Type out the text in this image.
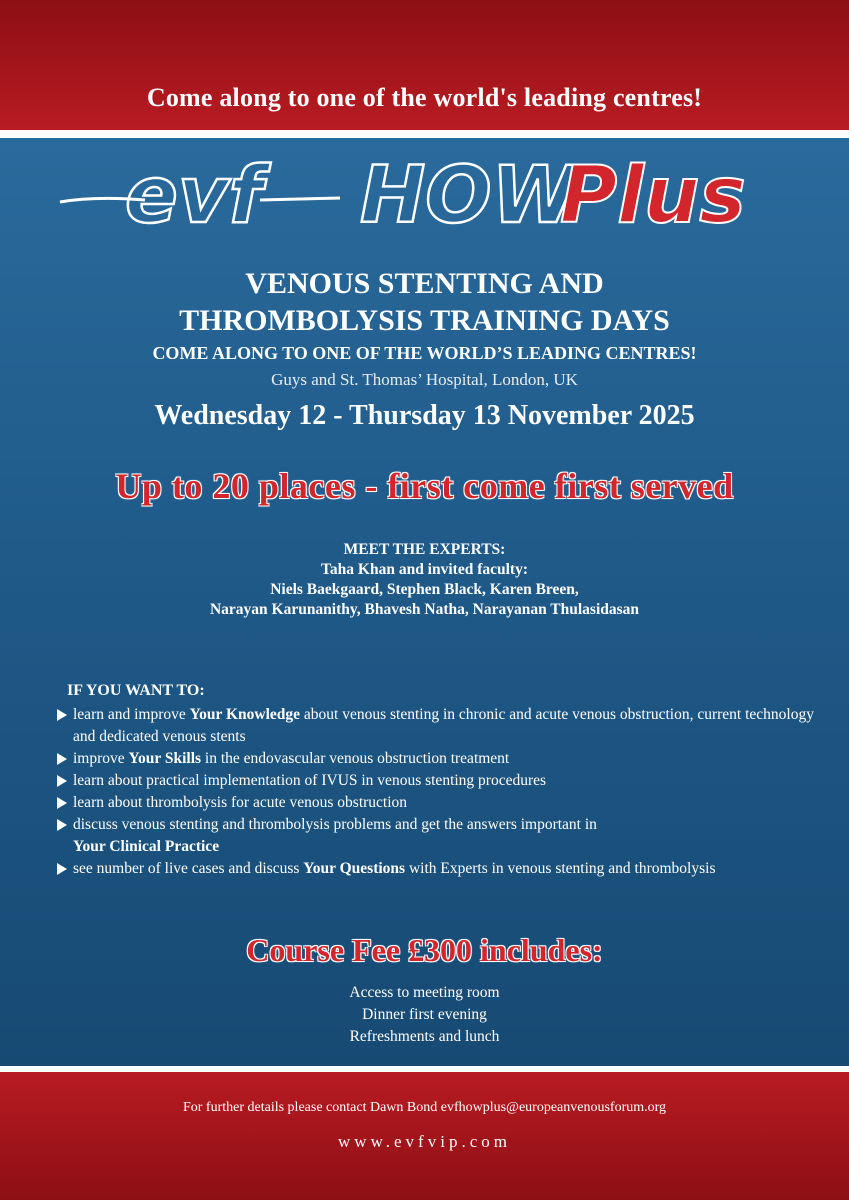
Come along to one of the world's leading centres!
evf HOW
Plus
VENOUS STENTING AND
THROMBOLYSIS TRAINING DAYS
COME ALONG TO ONE OF THE WORLD’S LEADING CENTRES!
Guys and St. Thomas’ Hospital, London, UK
Wednesday 12 - Thursday 13 November 2025
Up to 20 places - first come first served
MEET THE EXPERTS:
Taha Khan and invited faculty:
Niels Baekgaard, Stephen Black, Karen Breen,
Narayan Karunanithy, Bhavesh Natha, Narayanan Thulasidasan
IF YOU WANT TO:
learn and improve Your Knowledge about venous stenting in chronic and acute venous obstruction, current technology and dedicated venous stents
improve Your Skills in the endovascular venous obstruction treatment
learn about practical implementation of IVUS in venous stenting procedures
learn about thrombolysis for acute venous obstruction
discuss venous stenting and thrombolysis problems and get the answers important in
Your Clinical Practice
see number of live cases and discuss Your Questions with Experts in venous stenting and thrombolysis
Course Fee £300 includes:
Access to meeting room
Dinner first evening
Refreshments and lunch
For further details please contact Dawn Bond evfhowplus@europeanvenousforum.org
www.evfvip.com
